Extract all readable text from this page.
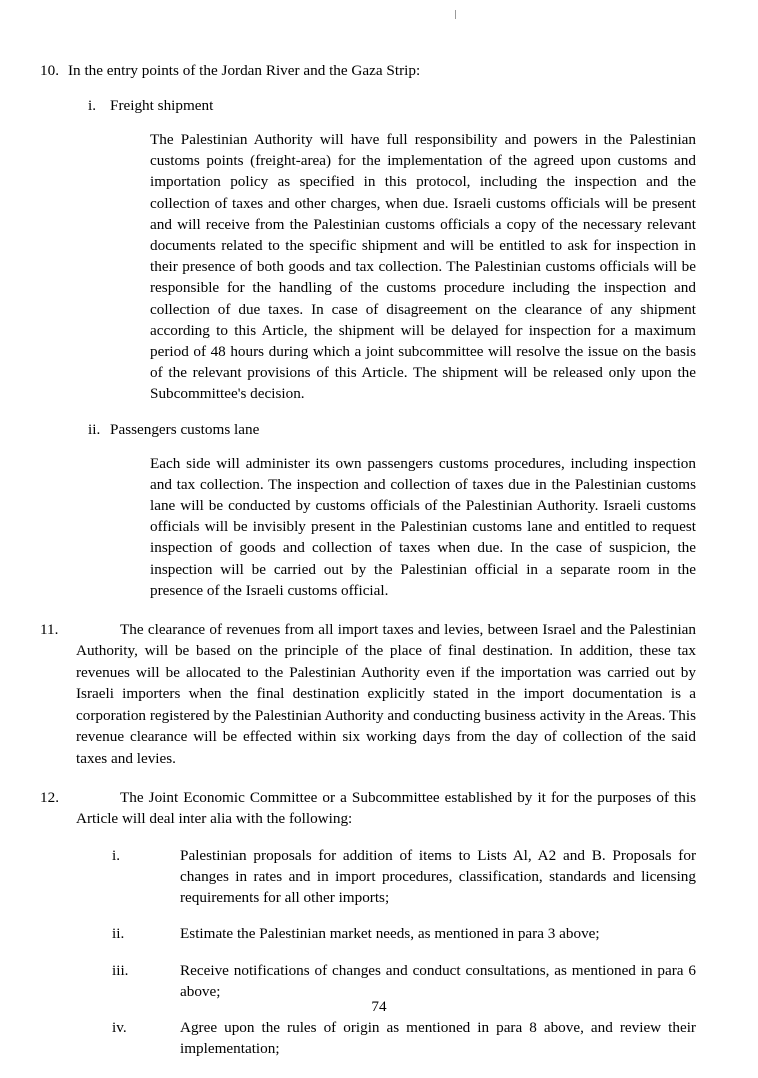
10. In the entry points of the Jordan River and the Gaza Strip:
i. Freight shipment
The Palestinian Authority will have full responsibility and powers in the Palestinian customs points (freight-area) for the implementation of the agreed upon customs and importation policy as specified in this protocol, including the inspection and the collection of taxes and other charges, when due. Israeli customs officials will be present and will receive from the Palestinian customs officials a copy of the necessary relevant documents related to the specific shipment and will be entitled to ask for inspection in their presence of both goods and tax collection. The Palestinian customs officials will be responsible for the handling of the customs procedure including the inspection and collection of due taxes. In case of disagreement on the clearance of any shipment according to this Article, the shipment will be delayed for inspection for a maximum period of 48 hours during which a joint subcommittee will resolve the issue on the basis of the relevant provisions of this Article. The shipment will be released only upon the Subcommittee's decision.
ii. Passengers customs lane
Each side will administer its own passengers customs procedures, including inspection and tax collection. The inspection and collection of taxes due in the Palestinian customs lane will be conducted by customs officials of the Palestinian Authority. Israeli customs officials will be invisibly present in the Palestinian customs lane and entitled to request inspection of goods and collection of taxes when due. In the case of suspicion, the inspection will be carried out by the Palestinian official in a separate room in the presence of the Israeli customs official.
11.	The clearance of revenues from all import taxes and levies, between Israel and the Palestinian Authority, will be based on the principle of the place of final destination. In addition, these tax revenues will be allocated to the Palestinian Authority even if the importation was carried out by Israeli importers when the final destination explicitly stated in the import documentation is a corporation registered by the Palestinian Authority and conducting business activity in the Areas. This revenue clearance will be effected within six working days from the day of collection of the said taxes and levies.
12.	The Joint Economic Committee or a Subcommittee established by it for the purposes of this Article will deal inter alia with the following:
i.	Palestinian proposals for addition of items to Lists Al, A2 and B. Proposals for changes in rates and in import procedures, classification, standards and licensing requirements for all other imports;
ii.	Estimate the Palestinian market needs, as mentioned in para 3 above;
iii.	Receive notifications of changes and conduct consultations, as mentioned in para 6 above;
iv.	Agree upon the rules of origin as mentioned in para 8 above, and review their implementation;
74
